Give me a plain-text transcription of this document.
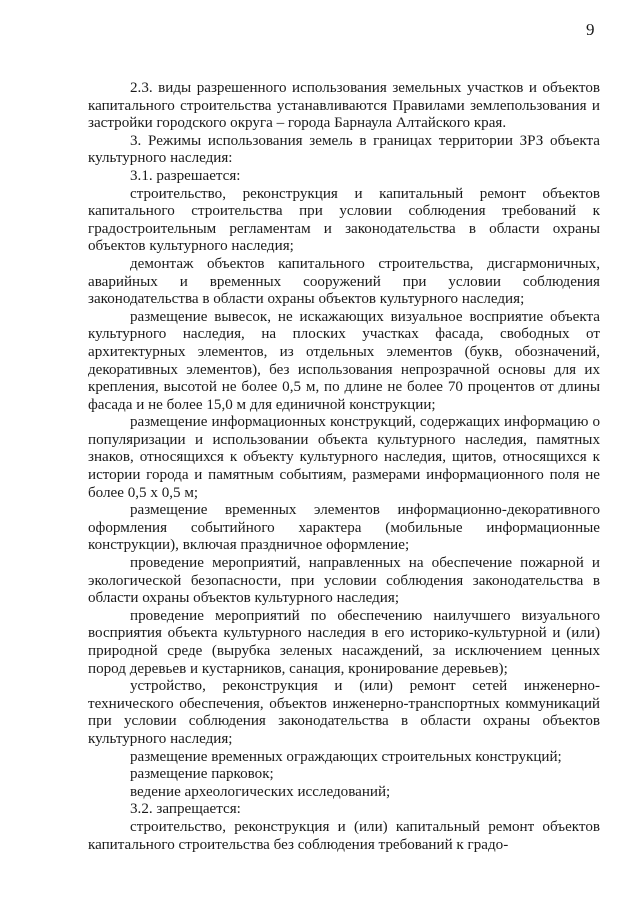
9

2.3. виды разрешенного использования земельных участков и объектов капитального строительства устанавливаются Правилами землепользования и застройки городского округа – города Барнаула Алтайского края.

3. Режимы использования земель в границах территории ЗРЗ объекта культурного наследия:

3.1. разрешается:

строительство, реконструкция и капитальный ремонт объектов капитального строительства при условии соблюдения требований к градостроительным регламентам и законодательства в области охраны объектов культурного наследия;

демонтаж объектов капитального строительства, дисгармоничных, аварийных и временных сооружений при условии соблюдения законодательства в области охраны объектов культурного наследия;

размещение вывесок, не искажающих визуальное восприятие объекта культурного наследия, на плоских участках фасада, свободных от архитектурных элементов, из отдельных элементов (букв, обозначений, декоративных элементов), без использования непрозрачной основы для их крепления, высотой не более 0,5 м, по длине не более 70 процентов от длины фасада и не более 15,0 м для единичной конструкции;

размещение информационных конструкций, содержащих информацию о популяризации и использовании объекта культурного наследия, памятных знаков, относящихся к объекту культурного наследия, щитов, относящихся к истории города и памятным событиям, размерами информационного поля не более 0,5 х 0,5 м;

размещение временных элементов информационно-декоративного оформления событийного характера (мобильные информационные конструкции), включая праздничное оформление;

проведение мероприятий, направленных на обеспечение пожарной и экологической безопасности, при условии соблюдения законодательства в области охраны объектов культурного наследия;

проведение мероприятий по обеспечению наилучшего визуального восприятия объекта культурного наследия в его историко-культурной и (или) природной среде (вырубка зеленых насаждений, за исключением ценных пород деревьев и кустарников, санация, кронирование деревьев);

устройство, реконструкция и (или) ремонт сетей инженерно-технического обеспечения, объектов инженерно-транспортных коммуникаций при условии соблюдения законодательства в области охраны объектов культурного наследия;

размещение временных ограждающих строительных конструкций;

размещение парковок;

ведение археологических исследований;

3.2. запрещается:

строительство, реконструкция и (или) капитальный ремонт объектов капитального строительства без соблюдения требований к градо-
